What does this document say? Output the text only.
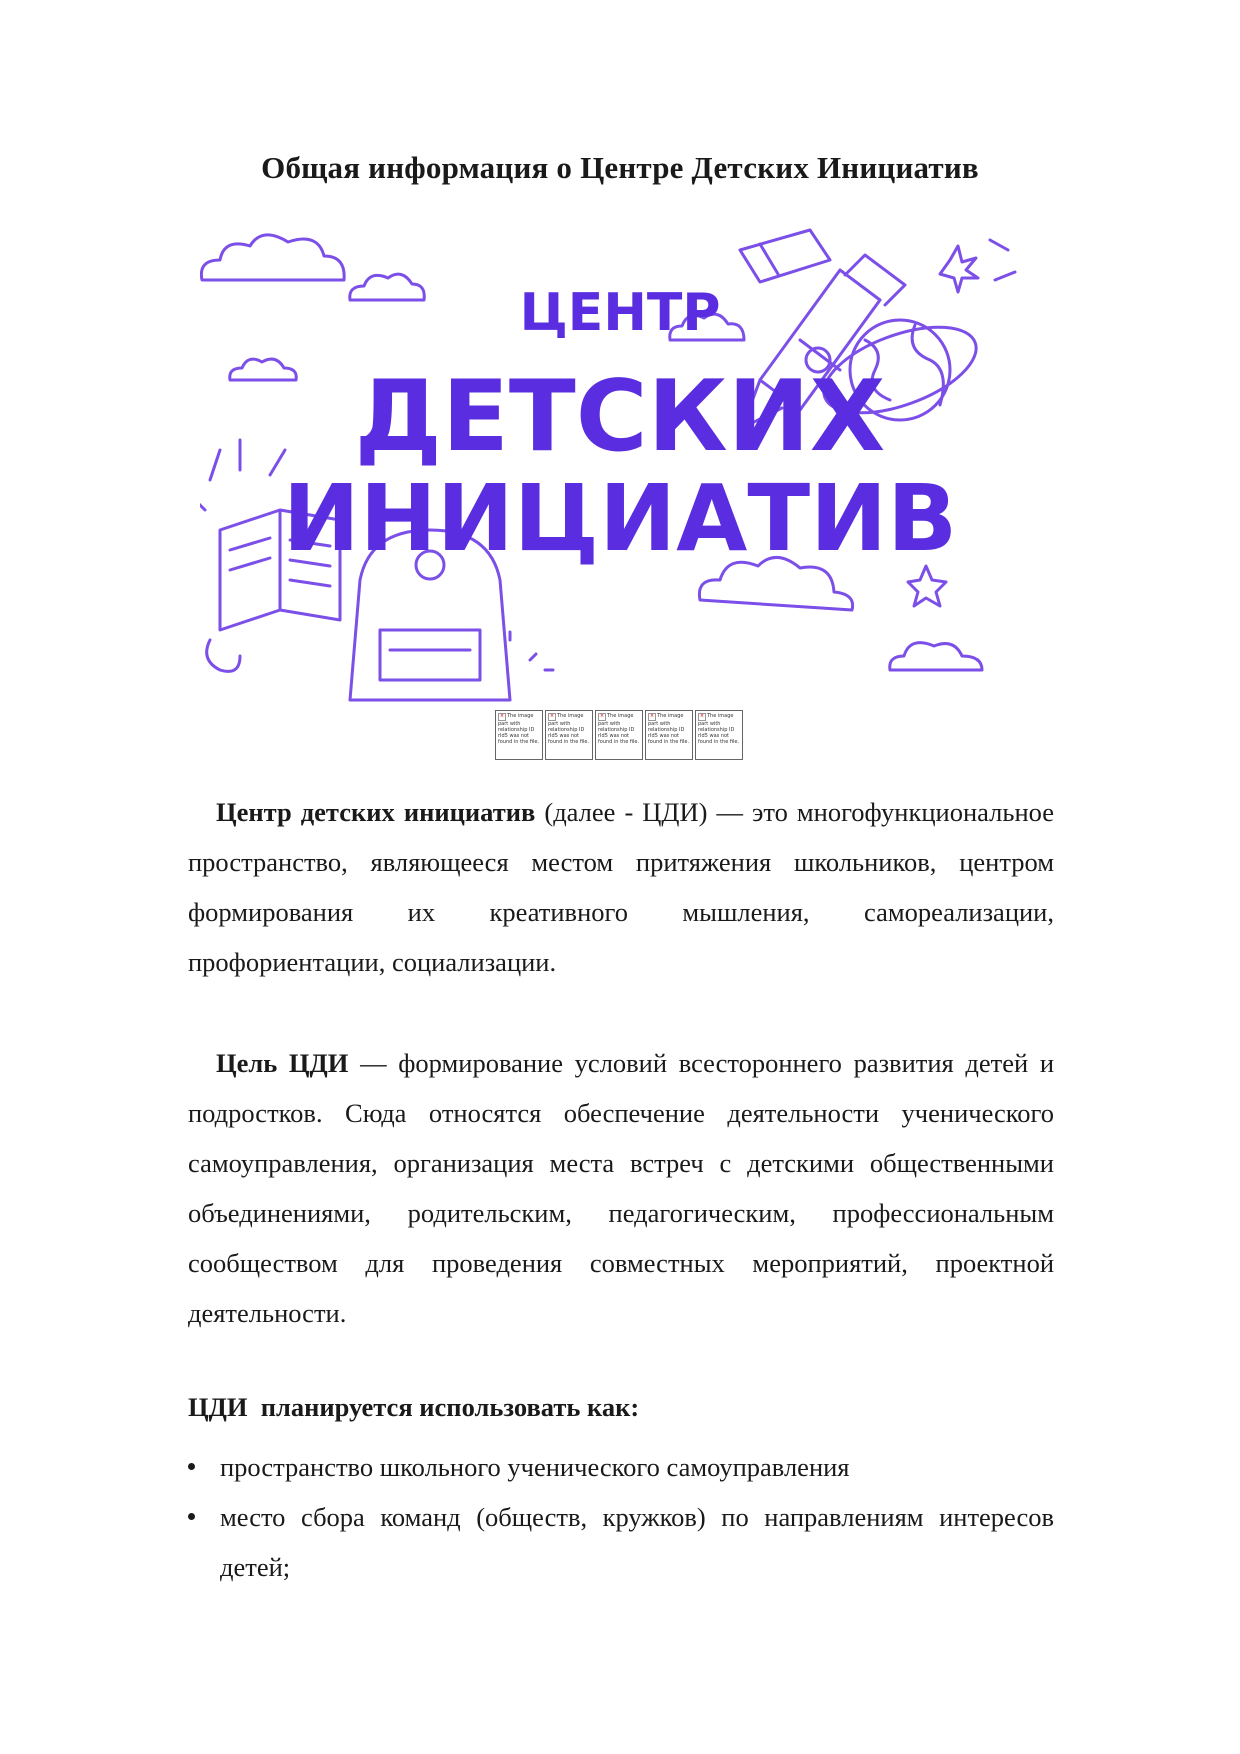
Общая информация о Центре Детских Инициатив
ЦЕНТР
ДЕТСКИХ
ИНИЦИАТИВ
× The image part with relationship ID rId5 was not found in the file.
× The image part with relationship ID rId5 was not found in the file.
× The image part with relationship ID rId5 was not found in the file.
× The image part with relationship ID rId5 was not found in the file.
× The image part with relationship ID rId5 was not found in the file.

Центр детских инициатив (далее - ЦДИ) — это многофункциональное пространство, являющееся местом притяжения школьников, центром формирования их креативного мышления, самореализации, профориентации, социализации.

Цель ЦДИ — формирование условий всестороннего развития детей и подростков. Сюда относятся обеспечение деятельности ученического самоуправления, организация места встреч с детскими общественными объединениями, родительским, педагогическим, профессиональным сообществом для проведения совместных мероприятий, проектной деятельности.

ЦДИ  планируется использовать как:
пространство школьного ученического самоуправления
место сбора команд (обществ, кружков) по направлениям интересов детей;
